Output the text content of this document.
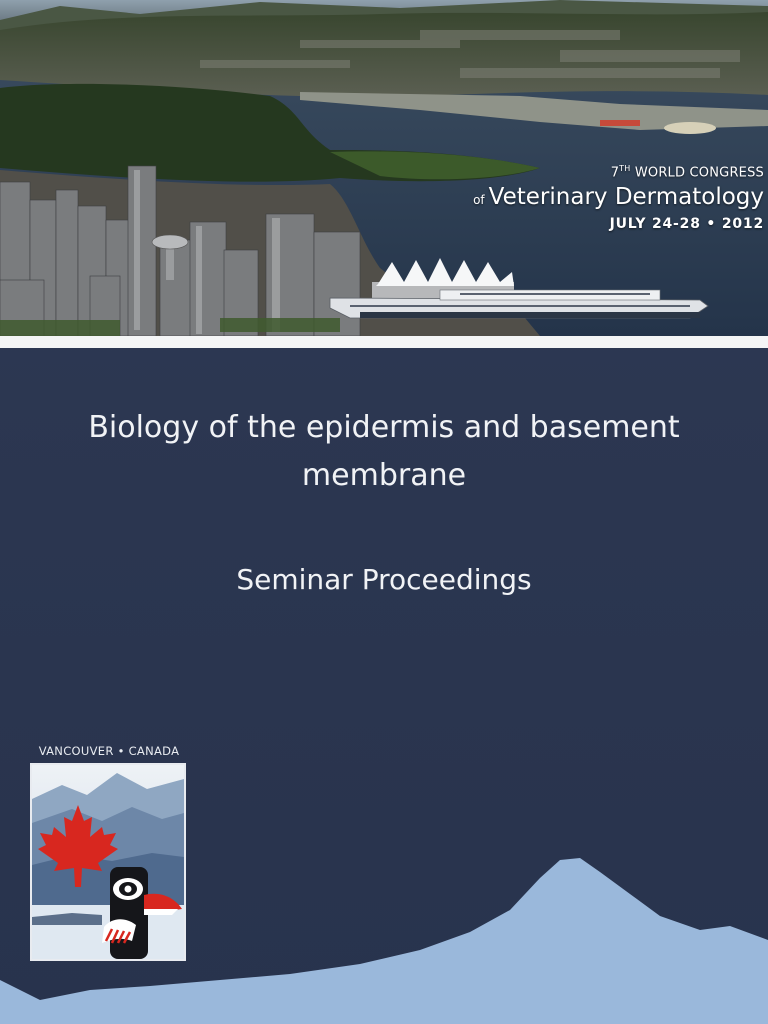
7TH WORLD CONGRESS
of Veterinary Dermatology
JULY 24-28 • 2012
Biology of the epidermis and basement
membrane
Seminar Proceedings
VANCOUVER • CANADA
